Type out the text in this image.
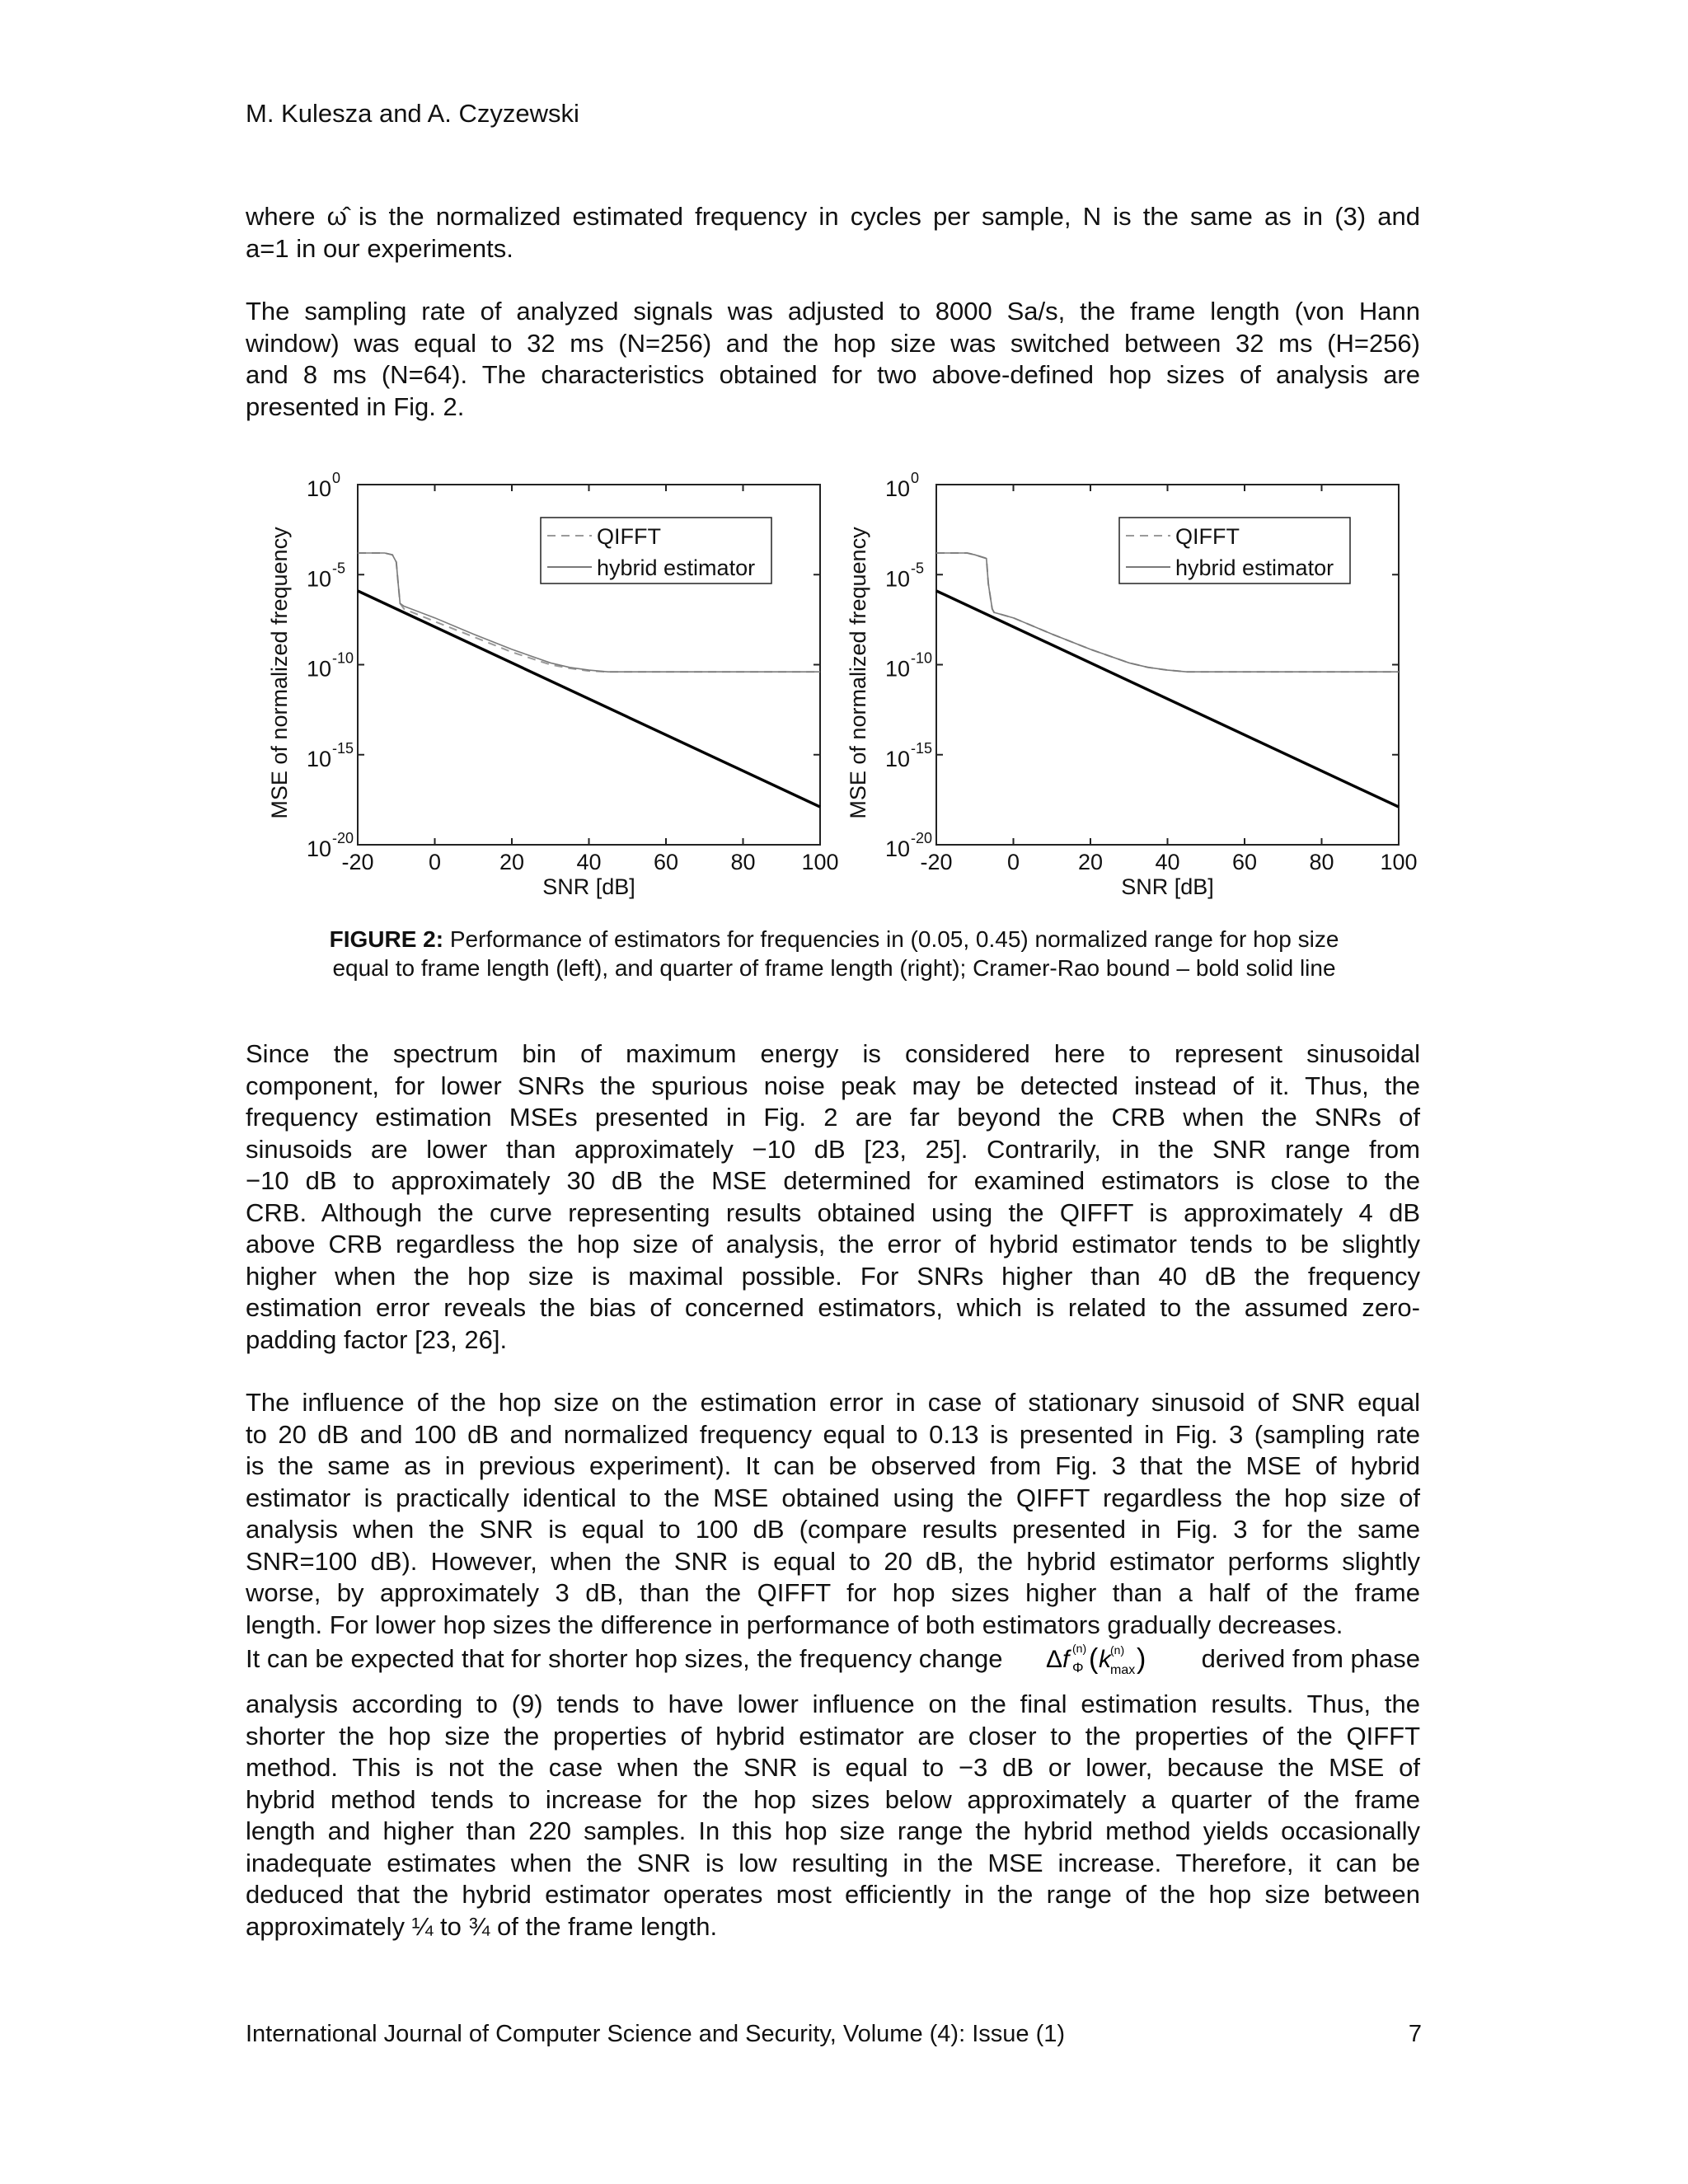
M. Kulesza and A. Czyzewski
where ω̂ is the normalized estimated frequency in cycles per sample, N is the same as in (3) and
a=1 in our experiments.
The sampling rate of analyzed signals was adjusted to 8000 Sa/s, the frame length (von Hann
window) was equal to 32 ms (N=256) and the hop size was switched between 32 ms (H=256)
and 8 ms (N=64). The characteristics obtained for two above-defined hop sizes of analysis are
presented in Fig. 2.
-20 0	20 40 60 80 100
10 0
10 -5
10 -10
10 -15
10 -20
SNR [dB]
MSE of normalized frequency	QIFFT
hybrid estimator
-20 0	20 40 60 80 100
10 0
10 -5
10 -10
10 -15
10 -20
SNR [dB]
MSE of normalized frequency	QIFFT
hybrid estimator
FIGURE 2: Performance of estimators for frequencies in (0.05, 0.45) normalized range for hop size
equal to frame length (left), and quarter of frame length (right); Cramer-Rao bound – bold solid line
Since the spectrum bin of maximum energy is considered here to represent sinusoidal
component, for lower SNRs the spurious noise peak may be detected instead of it. Thus, the
frequency estimation MSEs presented in Fig. 2 are far beyond the CRB when the SNRs of
sinusoids are lower than approximately −10 dB [23, 25]. Contrarily, in the SNR range from
−10 dB to approximately 30 dB the MSE determined for examined estimators is close to the
CRB. Although the curve representing results obtained using the QIFFT is approximately 4 dB
above CRB regardless the hop size of analysis, the error of hybrid estimator tends to be slightly
higher when the hop size is maximal possible. For SNRs higher than 40 dB the frequency
estimation error reveals the bias of concerned estimators, which is related to the assumed zero-
padding factor [23, 26].
The influence of the hop size on the estimation error in case of stationary sinusoid of SNR equal
to 20 dB and 100 dB and normalized frequency equal to 0.13 is presented in Fig. 3 (sampling rate
is the same as in previous experiment). It can be observed from Fig. 3 that the MSE of hybrid
estimator is practically identical to the MSE obtained using the QIFFT regardless the hop size of
analysis when the SNR is equal to 100 dB (compare results presented in Fig. 3 for the same
SNR=100 dB). However, when the SNR is equal to 20 dB, the hybrid estimator performs slightly
worse, by approximately 3 dB, than the QIFFT for hop sizes higher than a half of the frame
length. For lower hop sizes the difference in performance of both estimators gradually decreases.
It can be expected that for shorter hop sizes, the frequency change Δ f Φ
(n) ( k (n)
max ) derived from phase
analysis according to (9) tends to have lower influence on the final estimation results. Thus, the
shorter the hop size the properties of hybrid estimator are closer to the properties of the QIFFT
method. This is not the case when the SNR is equal to −3 dB or lower, because the MSE of
hybrid method tends to increase for the hop sizes below approximately a quarter of the frame
length and higher than 220 samples. In this hop size range the hybrid method yields occasionally
inadequate estimates when the SNR is low resulting in the MSE increase. Therefore, it can be
deduced that the hybrid estimator operates most efficiently in the range of the hop size between
approximately ¼ to ¾ of the frame length.
International Journal of Computer Science and Security, Volume (4): Issue (1)	7
